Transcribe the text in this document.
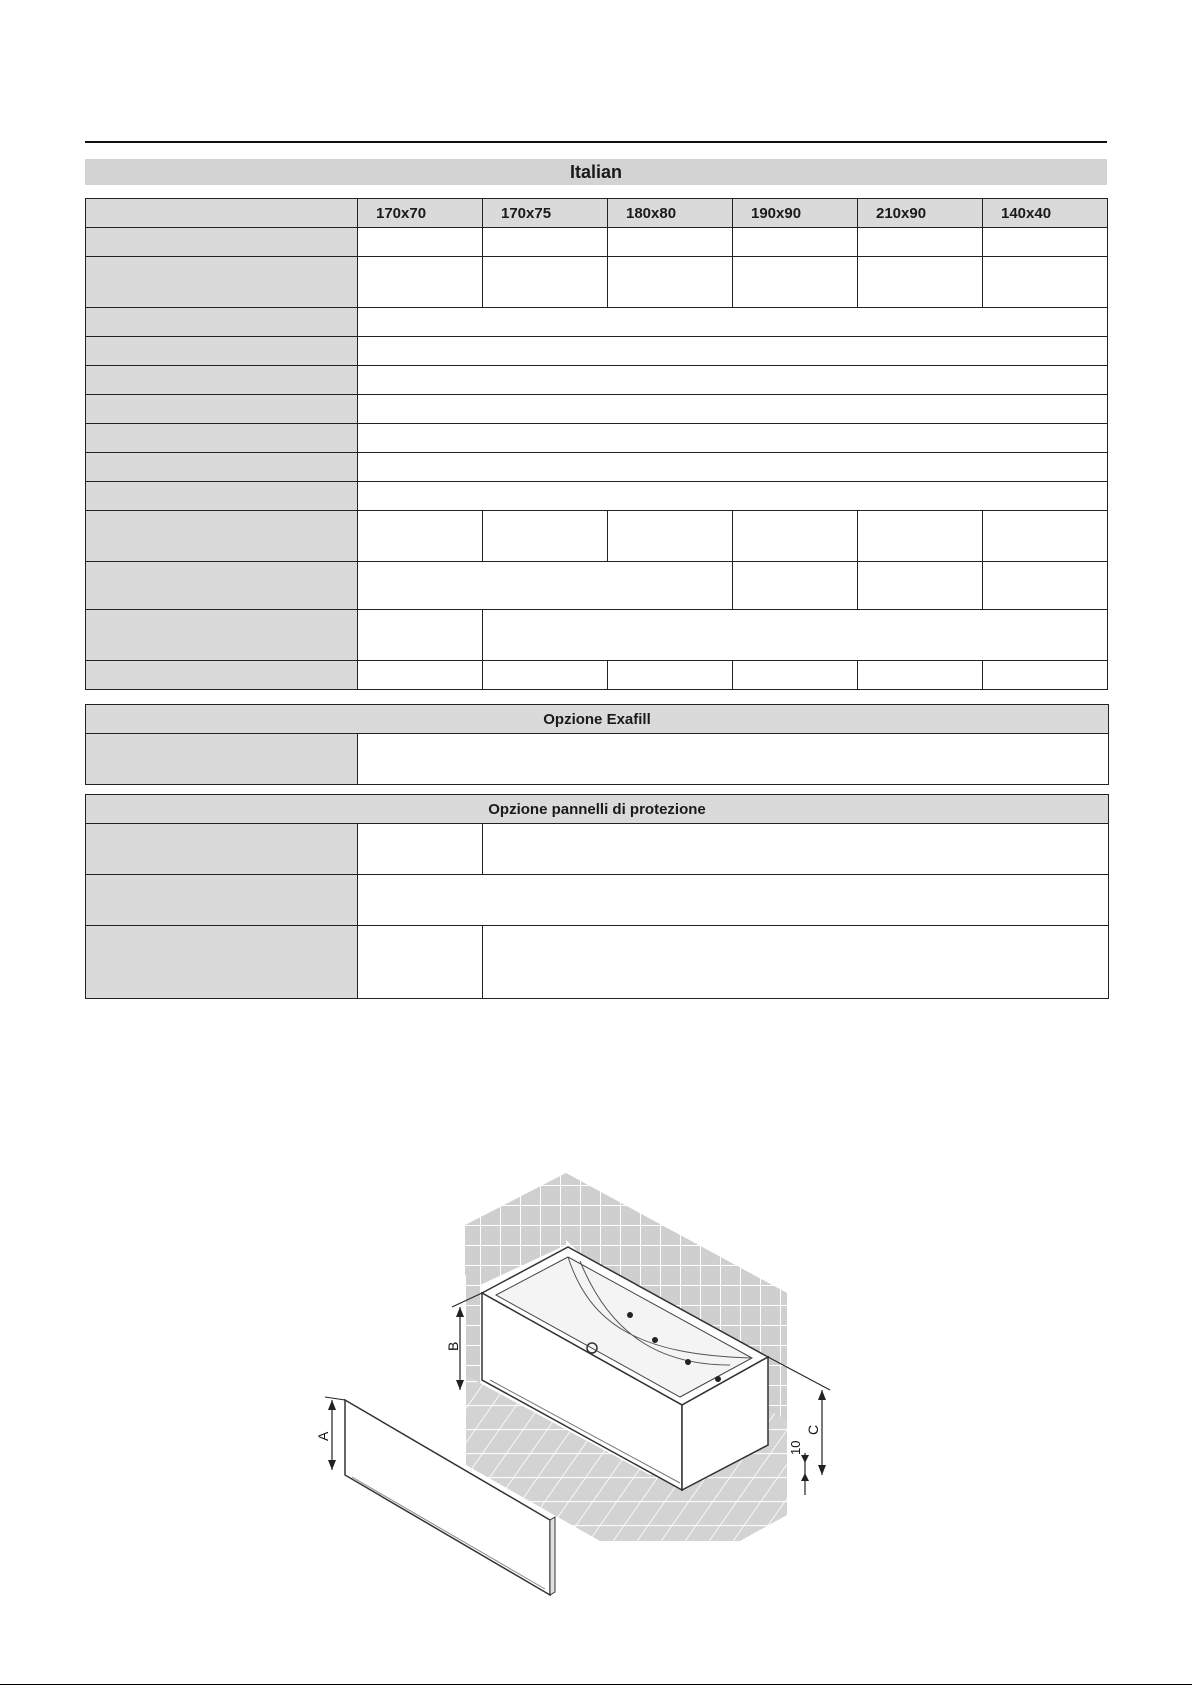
Italian
	170x70	170x75	180x80	190x90	210x90	140x40

Opzione Exafill

Opzione pannelli di protezione		

B
C
10
A
